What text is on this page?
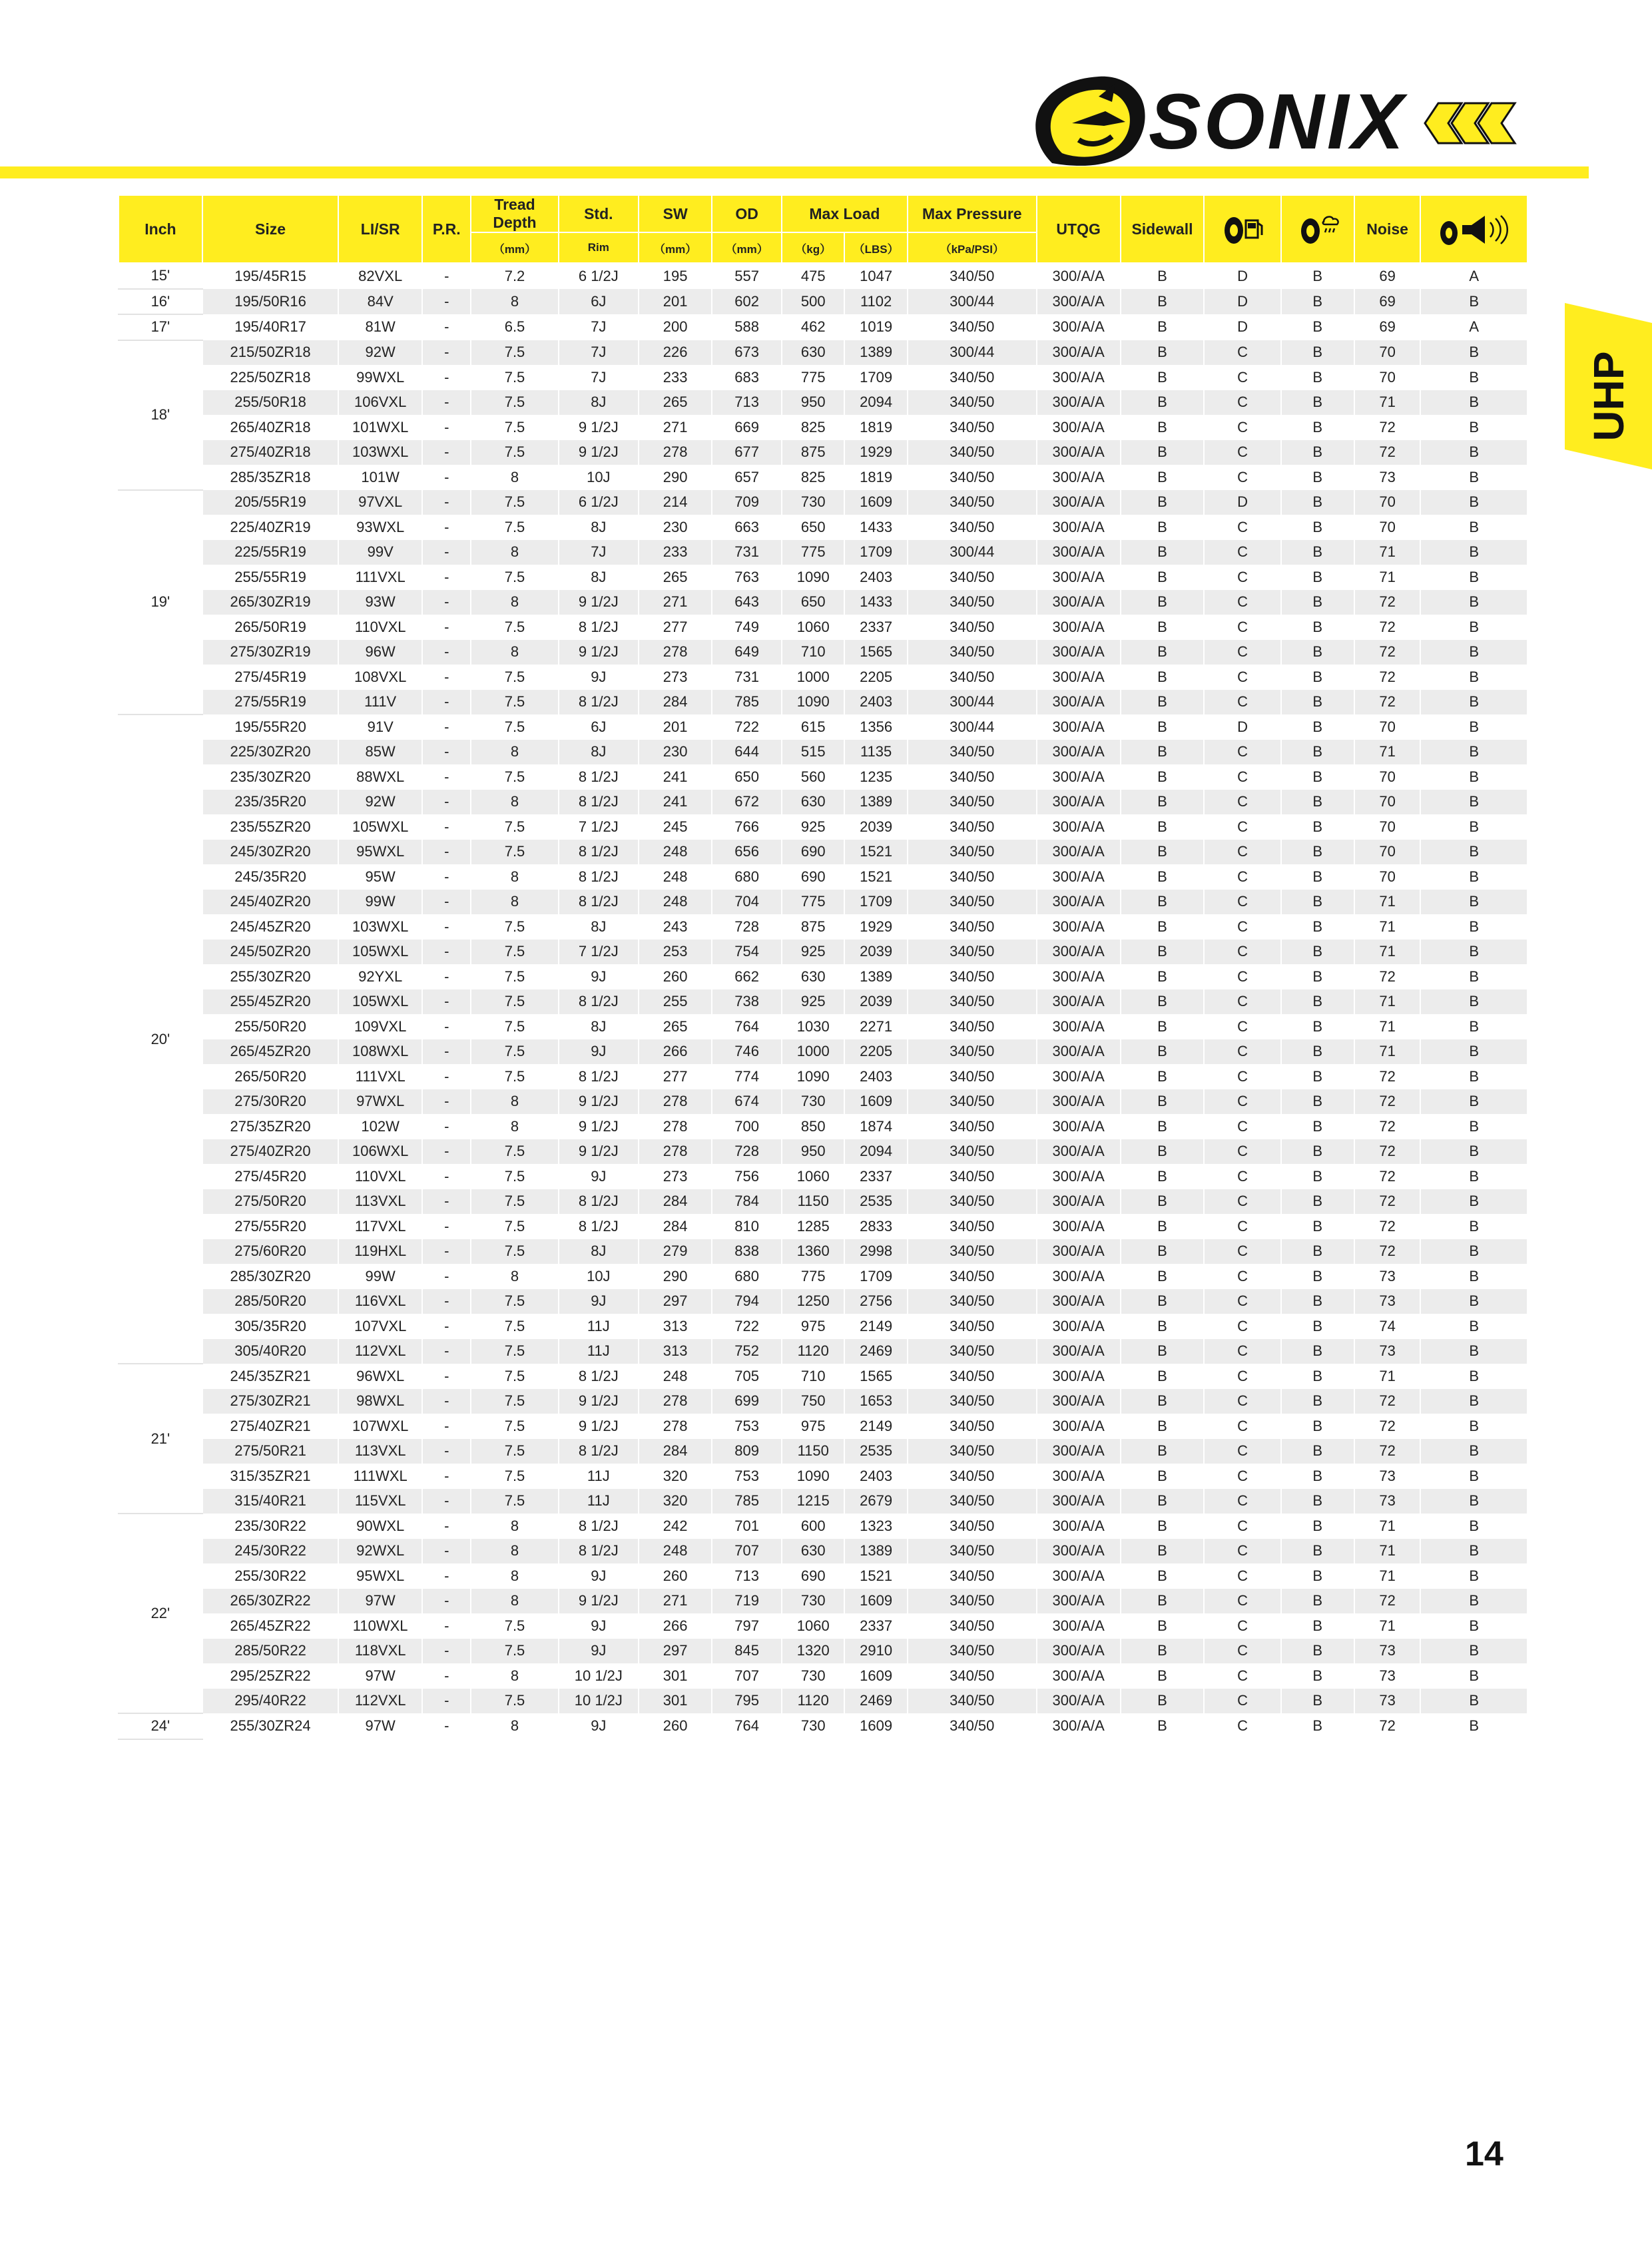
SONIX
UHP
Inch	Size	LI/SR	P.R.	Tread Depth	Std.	SW	OD	Max Load		Max Pressure	UTQG	Sidewall			Noise	

				（mm）	Rim	（mm）	（mm）	（kg）	（LBS）	（kPa/PSI）						
15'	195/45R15	82VXL	-	7.2	6 1/2J	195	557	475	1047	340/50	300/A/A	B	D	B	69	A
16'	195/50R16	84V	-	8	6J	201	602	500	1102	300/44	300/A/A	B	D	B	69	B
17'	195/40R17	81W	-	6.5	7J	200	588	462	1019	340/50	300/A/A	B	D	B	69	A
18'	215/50ZR18	92W	-	7.5	7J	226	673	630	1389	300/44	300/A/A	B	C	B	70	B
	225/50ZR18	99WXL	-	7.5	7J	233	683	775	1709	340/50	300/A/A	B	C	B	70	B
	255/50R18	106VXL	-	7.5	8J	265	713	950	2094	340/50	300/A/A	B	C	B	71	B
	265/40ZR18	101WXL	-	7.5	9 1/2J	271	669	825	1819	340/50	300/A/A	B	C	B	72	B
	275/40ZR18	103WXL	-	7.5	9 1/2J	278	677	875	1929	340/50	300/A/A	B	C	B	72	B
	285/35ZR18	101W	-	8	10J	290	657	825	1819	340/50	300/A/A	B	C	B	73	B
19'	205/55R19	97VXL	-	7.5	6 1/2J	214	709	730	1609	340/50	300/A/A	B	D	B	70	B
	225/40ZR19	93WXL	-	7.5	8J	230	663	650	1433	340/50	300/A/A	B	C	B	70	B
	225/55R19	99V	-	8	7J	233	731	775	1709	300/44	300/A/A	B	C	B	71	B
	255/55R19	111VXL	-	7.5	8J	265	763	1090	2403	340/50	300/A/A	B	C	B	71	B
	265/30ZR19	93W	-	8	9 1/2J	271	643	650	1433	340/50	300/A/A	B	C	B	72	B
	265/50R19	110VXL	-	7.5	8 1/2J	277	749	1060	2337	340/50	300/A/A	B	C	B	72	B
	275/30ZR19	96W	-	8	9 1/2J	278	649	710	1565	340/50	300/A/A	B	C	B	72	B
	275/45R19	108VXL	-	7.5	9J	273	731	1000	2205	340/50	300/A/A	B	C	B	72	B
	275/55R19	111V	-	7.5	8 1/2J	284	785	1090	2403	300/44	300/A/A	B	C	B	72	B
20'	195/55R20	91V	-	7.5	6J	201	722	615	1356	300/44	300/A/A	B	D	B	70	B
	225/30ZR20	85W	-	8	8J	230	644	515	1135	340/50	300/A/A	B	C	B	71	B
	235/30ZR20	88WXL	-	7.5	8 1/2J	241	650	560	1235	340/50	300/A/A	B	C	B	70	B
	235/35R20	92W	-	8	8 1/2J	241	672	630	1389	340/50	300/A/A	B	C	B	70	B
	235/55ZR20	105WXL	-	7.5	7 1/2J	245	766	925	2039	340/50	300/A/A	B	C	B	70	B
	245/30ZR20	95WXL	-	7.5	8 1/2J	248	656	690	1521	340/50	300/A/A	B	C	B	70	B
	245/35R20	95W	-	8	8 1/2J	248	680	690	1521	340/50	300/A/A	B	C	B	70	B
	245/40ZR20	99W	-	8	8 1/2J	248	704	775	1709	340/50	300/A/A	B	C	B	71	B
	245/45ZR20	103WXL	-	7.5	8J	243	728	875	1929	340/50	300/A/A	B	C	B	71	B
	245/50ZR20	105WXL	-	7.5	7 1/2J	253	754	925	2039	340/50	300/A/A	B	C	B	71	B
	255/30ZR20	92YXL	-	7.5	9J	260	662	630	1389	340/50	300/A/A	B	C	B	72	B
	255/45ZR20	105WXL	-	7.5	8 1/2J	255	738	925	2039	340/50	300/A/A	B	C	B	71	B
	255/50R20	109VXL	-	7.5	8J	265	764	1030	2271	340/50	300/A/A	B	C	B	71	B
	265/45ZR20	108WXL	-	7.5	9J	266	746	1000	2205	340/50	300/A/A	B	C	B	71	B
	265/50R20	111VXL	-	7.5	8 1/2J	277	774	1090	2403	340/50	300/A/A	B	C	B	72	B
	275/30R20	97WXL	-	8	9 1/2J	278	674	730	1609	340/50	300/A/A	B	C	B	72	B
	275/35ZR20	102W	-	8	9 1/2J	278	700	850	1874	340/50	300/A/A	B	C	B	72	B
	275/40ZR20	106WXL	-	7.5	9 1/2J	278	728	950	2094	340/50	300/A/A	B	C	B	72	B
	275/45R20	110VXL	-	7.5	9J	273	756	1060	2337	340/50	300/A/A	B	C	B	72	B
	275/50R20	113VXL	-	7.5	8 1/2J	284	784	1150	2535	340/50	300/A/A	B	C	B	72	B
	275/55R20	117VXL	-	7.5	8 1/2J	284	810	1285	2833	340/50	300/A/A	B	C	B	72	B
	275/60R20	119HXL	-	7.5	8J	279	838	1360	2998	340/50	300/A/A	B	C	B	72	B
	285/30ZR20	99W	-	8	10J	290	680	775	1709	340/50	300/A/A	B	C	B	73	B
	285/50R20	116VXL	-	7.5	9J	297	794	1250	2756	340/50	300/A/A	B	C	B	73	B
	305/35R20	107VXL	-	7.5	11J	313	722	975	2149	340/50	300/A/A	B	C	B	74	B
	305/40R20	112VXL	-	7.5	11J	313	752	1120	2469	340/50	300/A/A	B	C	B	73	B
21'	245/35ZR21	96WXL	-	7.5	8 1/2J	248	705	710	1565	340/50	300/A/A	B	C	B	71	B
	275/30ZR21	98WXL	-	7.5	9 1/2J	278	699	750	1653	340/50	300/A/A	B	C	B	72	B
	275/40ZR21	107WXL	-	7.5	9 1/2J	278	753	975	2149	340/50	300/A/A	B	C	B	72	B
	275/50R21	113VXL	-	7.5	8 1/2J	284	809	1150	2535	340/50	300/A/A	B	C	B	72	B
	315/35ZR21	111WXL	-	7.5	11J	320	753	1090	2403	340/50	300/A/A	B	C	B	73	B
	315/40R21	115VXL	-	7.5	11J	320	785	1215	2679	340/50	300/A/A	B	C	B	73	B
22'	235/30R22	90WXL	-	8	8 1/2J	242	701	600	1323	340/50	300/A/A	B	C	B	71	B
	245/30R22	92WXL	-	8	8 1/2J	248	707	630	1389	340/50	300/A/A	B	C	B	71	B
	255/30R22	95WXL	-	8	9J	260	713	690	1521	340/50	300/A/A	B	C	B	71	B
	265/30ZR22	97W	-	8	9 1/2J	271	719	730	1609	340/50	300/A/A	B	C	B	72	B
	265/45ZR22	110WXL	-	7.5	9J	266	797	1060	2337	340/50	300/A/A	B	C	B	71	B
	285/50R22	118VXL	-	7.5	9J	297	845	1320	2910	340/50	300/A/A	B	C	B	73	B
	295/25ZR22	97W	-	8	10 1/2J	301	707	730	1609	340/50	300/A/A	B	C	B	73	B
	295/40R22	112VXL	-	7.5	10 1/2J	301	795	1120	2469	340/50	300/A/A	B	C	B	73	B
24'	255/30ZR24	97W	-	8	9J	260	764	730	1609	340/50	300/A/A	B	C	B	72	B
14
